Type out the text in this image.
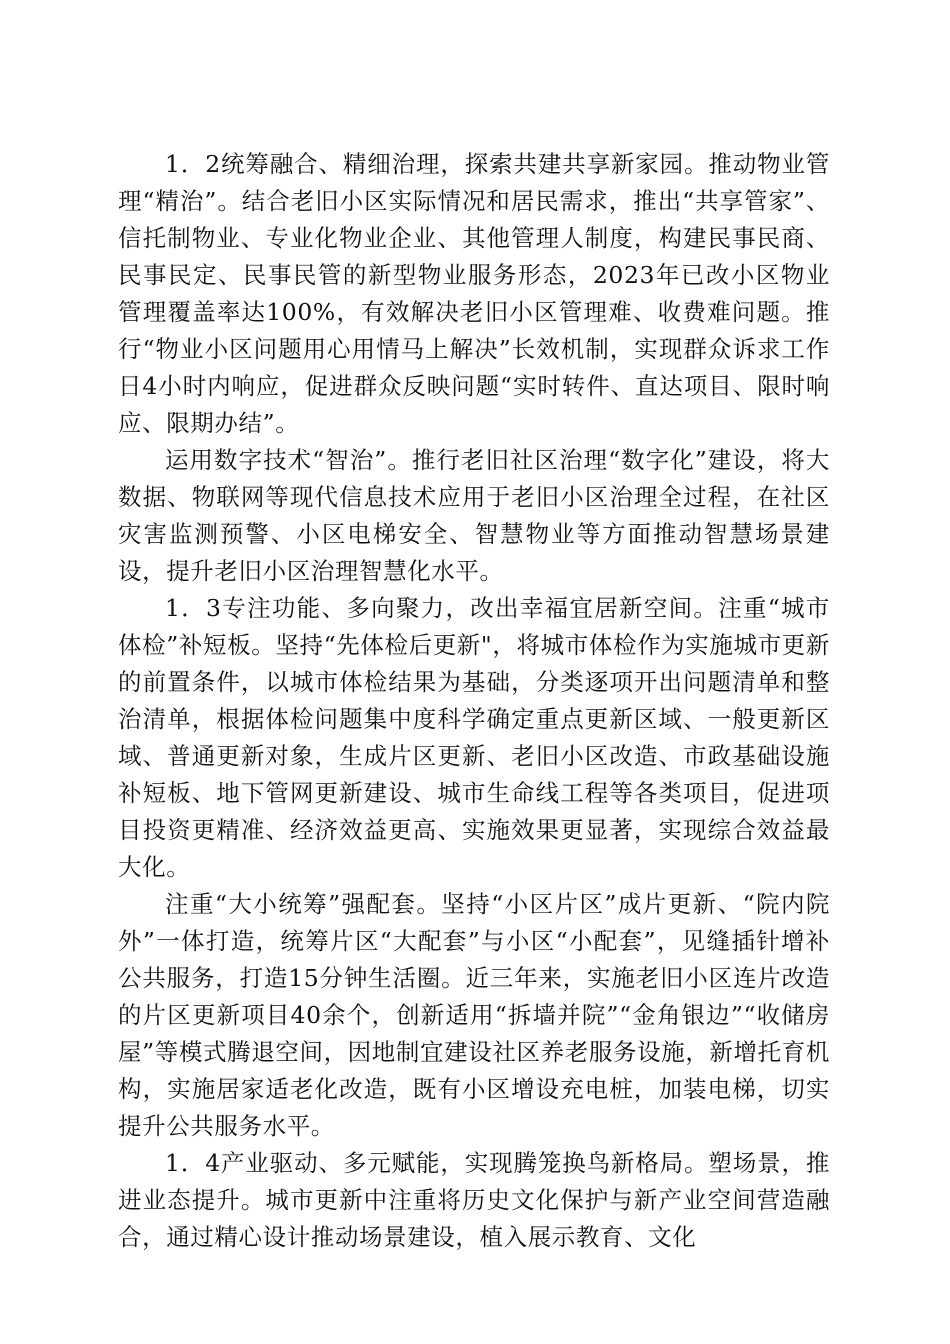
1．2统筹融合、精细治理，探索共建共享新家园。推动物业管理“精治”。结合老旧小区实际情况和居民需求，推出“共享管家”、信托制物业、专业化物业企业、其他管理人制度，构建民事民商、民事民定、民事民管的新型物业服务形态，2023年已改小区物业管理覆盖率达100%，有效解决老旧小区管理难、收费难问题。推行“物业小区问题用心用情马上解决”长效机制，实现群众诉求工作日4小时内响应，促进群众反映问题“实时转件、直达项目、限时响应、限期办结”。

运用数字技术“智治”。推行老旧社区治理“数字化”建设，将大数据、物联网等现代信息技术应用于老旧小区治理全过程，在社区灾害监测预警、小区电梯安全、智慧物业等方面推动智慧场景建设，提升老旧小区治理智慧化水平。

1．3专注功能、多向聚力，改出幸福宜居新空间。注重“城市体检”补短板。坚持“先体检后更新"，将城市体检作为实施城市更新的前置条件，以城市体检结果为基础，分类逐项开出问题清单和整治清单，根据体检问题集中度科学确定重点更新区域、一般更新区域、普通更新对象，生成片区更新、老旧小区改造、市政基础设施补短板、地下管网更新建设、城市生命线工程等各类项目，促进项目投资更精准、经济效益更高、实施效果更显著，实现综合效益最大化。

注重“大小统筹”强配套。坚持“小区片区”成片更新、“院内院外”一体打造，统筹片区“大配套”与小区“小配套”，见缝插针增补公共服务，打造15分钟生活圈。近三年来，实施老旧小区连片改造的片区更新项目40余个，创新适用“拆墙并院”“金角银边”“收储房屋”等模式腾退空间，因地制宜建设社区养老服务设施，新增托育机构，实施居家适老化改造，既有小区增设充电桩，加装电梯，切实提升公共服务水平。

1．4产业驱动、多元赋能，实现腾笼换鸟新格局。塑场景，推进业态提升。城市更新中注重将历史文化保护与新产业空间营造融合，通过精心设计推动场景建设，植入展示教育、文化
